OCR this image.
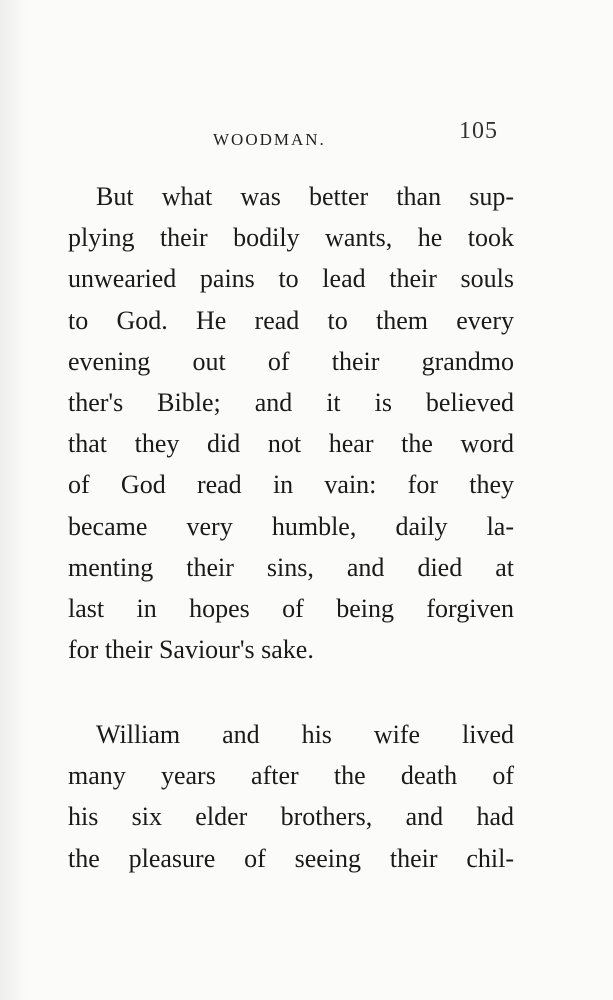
WOODMAN.	105
But what was better than sup-
plying their bodily wants, he took
unwearied pains to lead their souls
to God. He read to them every
evening out of their grandmo
ther's Bible; and it is believed
that they did not hear the word
of God read in vain: for they
became very humble, daily la-
menting their sins, and died at
last in hopes of being forgiven
for their Saviour's sake.
William and his wife lived
many years after the death of
his six elder brothers, and had
the pleasure of seeing their chil-
